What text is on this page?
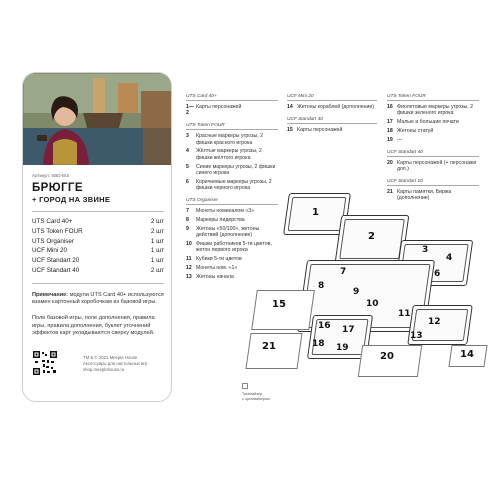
Артикул: SBD-BUI
БРЮГГЕ
+ ГОРОД НА ЗВИНЕ
UTS Card 40+	2 шт
UTS Token FOUR	2 шт
UTS Organiser	1 шт
UCF Mini 20	1 шт
UCF Standart 20	1 шт
UCF Standart 40	2 шт
Примечание: модули UTS Card 40+ используются взамен картонный коробочкам из базовой игры.
Поле базовой игры, поле дополнения, правила игры, правила дополнения, буклет уточнений эффектов карт укладываются сверху модулей.
TM & © 2021 Meeple House
Аксессуары для настольных игр
shop.meeplehouse.ru
UTS Card 40+
1—2
Карты персонажей
UTS Token FOUR
3	Красные маркеры угрозы, 2 фишки красного игрока
4	Жёлтые маркеры угрозы, 2 фишки жёлтого игрока
5	Синие маркеры угрозы, 2 фишки синего игрока
6	Коричневые маркеры угрозы, 2 фишки черного игрока
UTS Organiser
7	Монеты номиналом «3»
8	Маркеры лидерства
9	Жетоны «50/100», жетоны действий (дополнение)
10 Фишки работников 5-ти цветов, жетон первого игрока
11 Кубики 5-ти цветов
12 Монеты ном. «1»
13 Жетоны начала
UCF Mini 20
14 Жетоны кораблей (дополнение)
UCF Standart 40
15 Карты персонажей
UTS Token FOUR
16 Фиолетовые маркеры угрозы, 2 фишки зеленого игрока
17 Малые и большие печати
18 Жетоны статуй
19 —
UCF Standart 40
20 Карты персонажей (+ персонажи доп.)
UCF Standart 20
21 Карты памятки, Биржа (дополнение)
1
2
3
4
6
7
8
9
10
11
12
13
14
15
16 17
18 19
20
21
Токенайзер
с органайзером
